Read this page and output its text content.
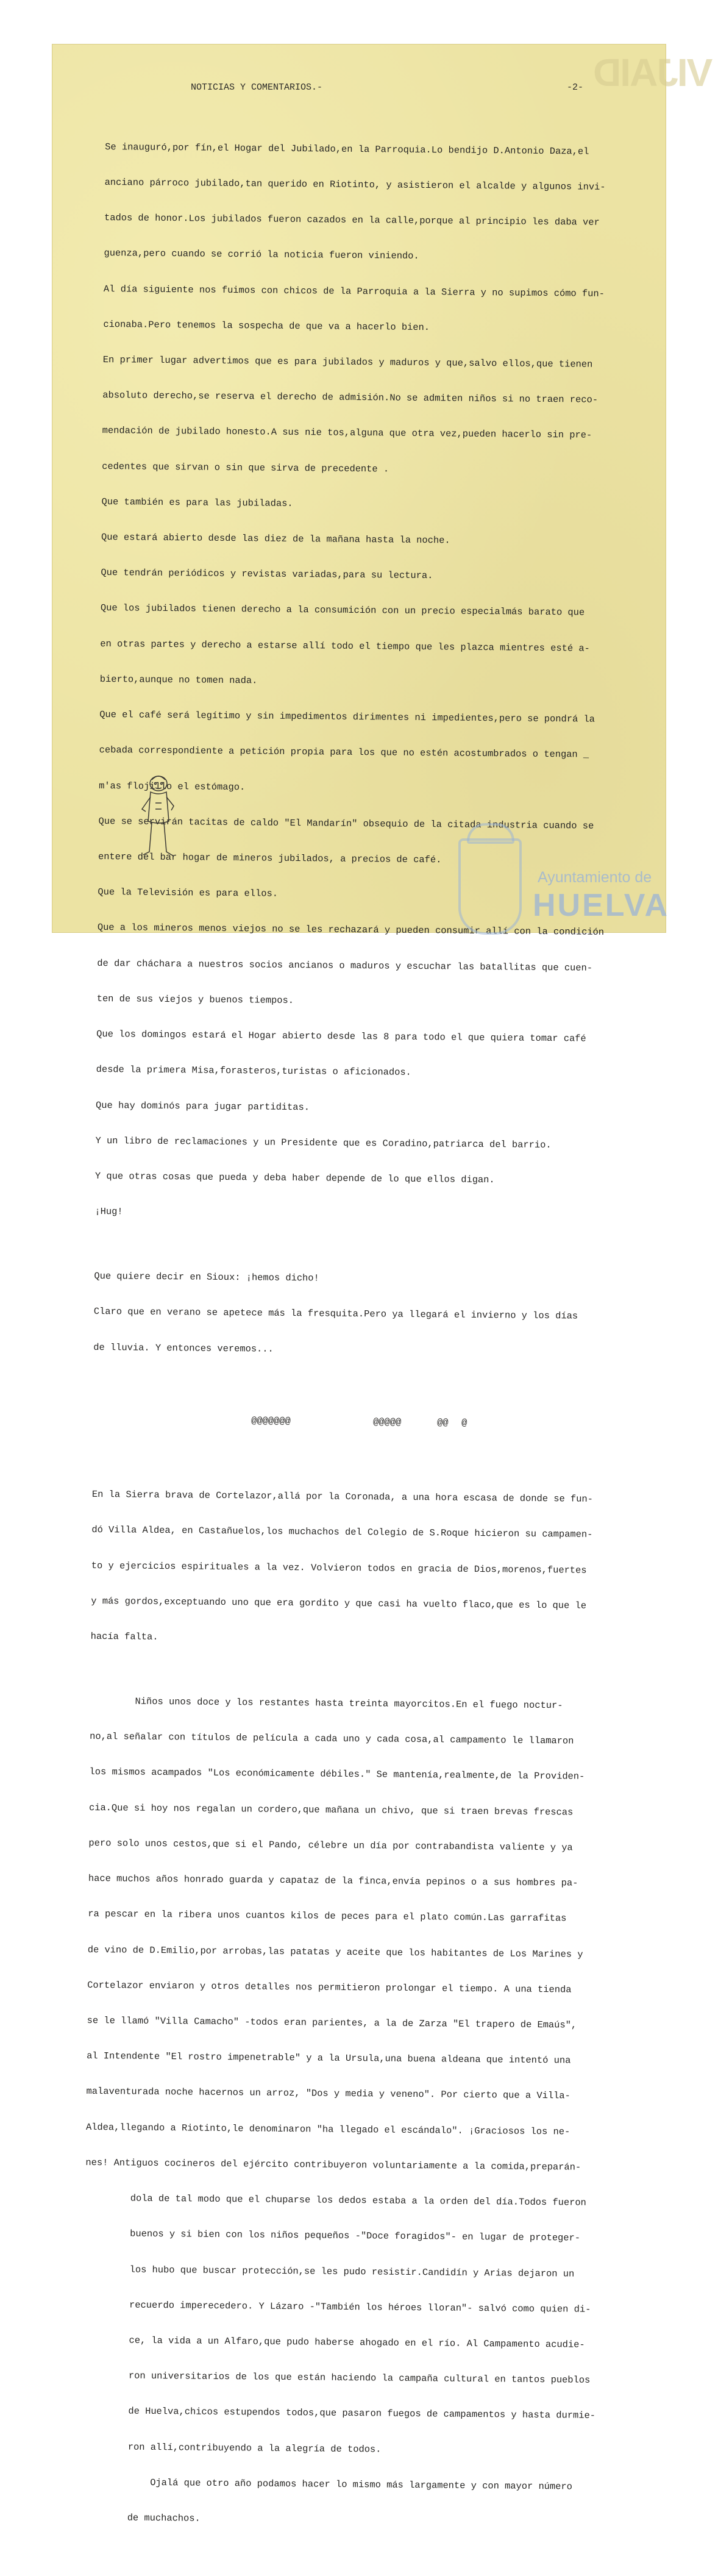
VIJAID
NOTICIAS Y COMENTARIOS.-	-2-

Se inauguró,por fín,el Hogar del Jubilado,en la Parroquia.Lo bendijo D.Antonio Daza,el

anciano párroco jubilado,tan querido en Riotinto, y asistieron el alcalde y algunos invi-

tados de honor.Los jubilados fueron cazados en la calle,porque al principio les daba ver

guenza,pero cuando se corrió la noticia fueron viniendo.

Al día siguiente nos fuimos con chicos de la Parroquia a la Sierra y no supimos cómo fun-

cionaba.Pero tenemos la sospecha de que va a hacerlo bien.

En primer lugar advertimos que es para jubilados y maduros y que,salvo ellos,que tienen

absoluto derecho,se reserva el derecho de admisión.No se admiten niños si no traen reco-

mendación de jubilado honesto.A sus nie tos,alguna que otra vez,pueden hacerlo sin pre-

cedentes que sirvan o sin que sirva de precedente .

Que también es para las jubiladas.

Que estará abierto desde las diez de la mañana hasta la noche.

Que tendrán periódicos y revistas variadas,para su lectura.

Que los jubilados tienen derecho a la consumición con un precio especialmás barato que

en otras partes y derecho a estarse allí todo el tiempo que les plazca mientres esté a-

bierto,aunque no tomen nada.

Que el café será legítimo y sin impedimentos dirimentes ni impedientes,pero se pondrá la

cebada correspondiente a petición propia para los que no estén acostumbrados o tengan _

m'as flojillo el estómago.

Que se servirán tacitas de caldo "El Mandarín" obsequio de la citada industria cuando se

entere del bar hogar de mineros jubilados, a precios de café.

Que la Televisión es para ellos.

Que a los mineros menos viejos no se les rechazará y pueden consumir allí con la condición

de dar cháchara a nuestros socios ancianos o maduros y escuchar las batallitas que cuen-

ten de sus viejos y buenos tiempos.

Que los domingos estará el Hogar abierto desde las 8 para todo el que quiera tomar café

desde la primera Misa,forasteros,turistas o aficionados.

Que hay dominós para jugar partiditas.

Y un libro de reclamaciones y un Presidente que es Coradino,patriarca del barrio.

Y que otras cosas que pueda y deba haber depende de lo que ellos digan.

¡Hug!

Que quiere decir en Sioux: ¡hemos dicho!

Claro que en verano se apetece más la fresquita.Pero ya llegará el invierno y los días

de lluvia. Y entonces veremos...

@@@@@@@

	@@@@@

	@@

@

En la Sierra brava de Cortelazor,allá por la Coronada, a una hora escasa de donde se fun-

dó Villa Aldea, en Castañuelos,los muchachos del Colegio de S.Roque hicieron su campamen-

to y ejercicios espirituales a la vez. Volvieron todos en gracia de Dios,morenos,fuertes

y más gordos,exceptuando uno que era gordito y que casi ha vuelto flaco,que es lo que le

hacía falta.

Niños unos doce y los restantes hasta treinta mayorcitos.En el fuego noctur-

no,al señalar con títulos de película a cada uno y cada cosa,al campamento le llamaron

los mismos acampados "Los económicamente débiles." Se mantenía,realmente,de la Providen-

cia.Que si hoy nos regalan un cordero,que mañana un chivo, que si traen brevas frescas

pero solo unos cestos,que si el Pando, célebre un día por contrabandista valiente y ya

hace muchos años honrado guarda y capataz de la finca,envía pepinos o a sus hombres pa-

ra pescar en la ribera unos cuantos kilos de peces para el plato común.Las garrafitas

de vino de D.Emilio,por arrobas,las patatas y aceite que los habitantes de Los Marines y

Cortelazor enviaron y otros detalles nos permitieron prolongar el tiempo. A una tienda

se le llamó "Villa Camacho" -todos eran parientes, a la de Zarza "El trapero de Emaús",

al Intendente "El rostro impenetrable" y a la Ursula,una buena aldeana que intentó una

malaventurada noche hacernos un arroz, "Dos y media y veneno". Por cierto que a Villa-

Aldea,llegando a Riotinto,le denominaron "ha llegado el escándalo". ¡Graciosos los ne-

nes! Antiguos cocineros del ejército contribuyeron voluntariamente a la comida,preparán-

dola de tal modo que el chuparse los dedos estaba a la orden del día.Todos fueron

buenos y si bien con los niños pequeños -"Doce foragidos"- en lugar de proteger-

los hubo que buscar protección,se les pudo resistir.Candidín y Arias dejaron un

recuerdo imperecedero. Y Lázaro -"También los héroes lloran"- salvó como quien di-

ce, la vida a un Alfaro,que pudo haberse ahogado en el río. Al Campamento acudie-

ron universitarios de los que están haciendo la campaña cultural en tantos pueblos

de Huelva,chicos estupendos todos,que pasaron fuegos de campamentos y hasta durmie-

ron allí,contribuyendo a la alegría de todos.

Ojalá que otro año podamos hacer lo mismo más largamente y con mayor número

de muchachos.

Ayuntamiento de
HUELVA
